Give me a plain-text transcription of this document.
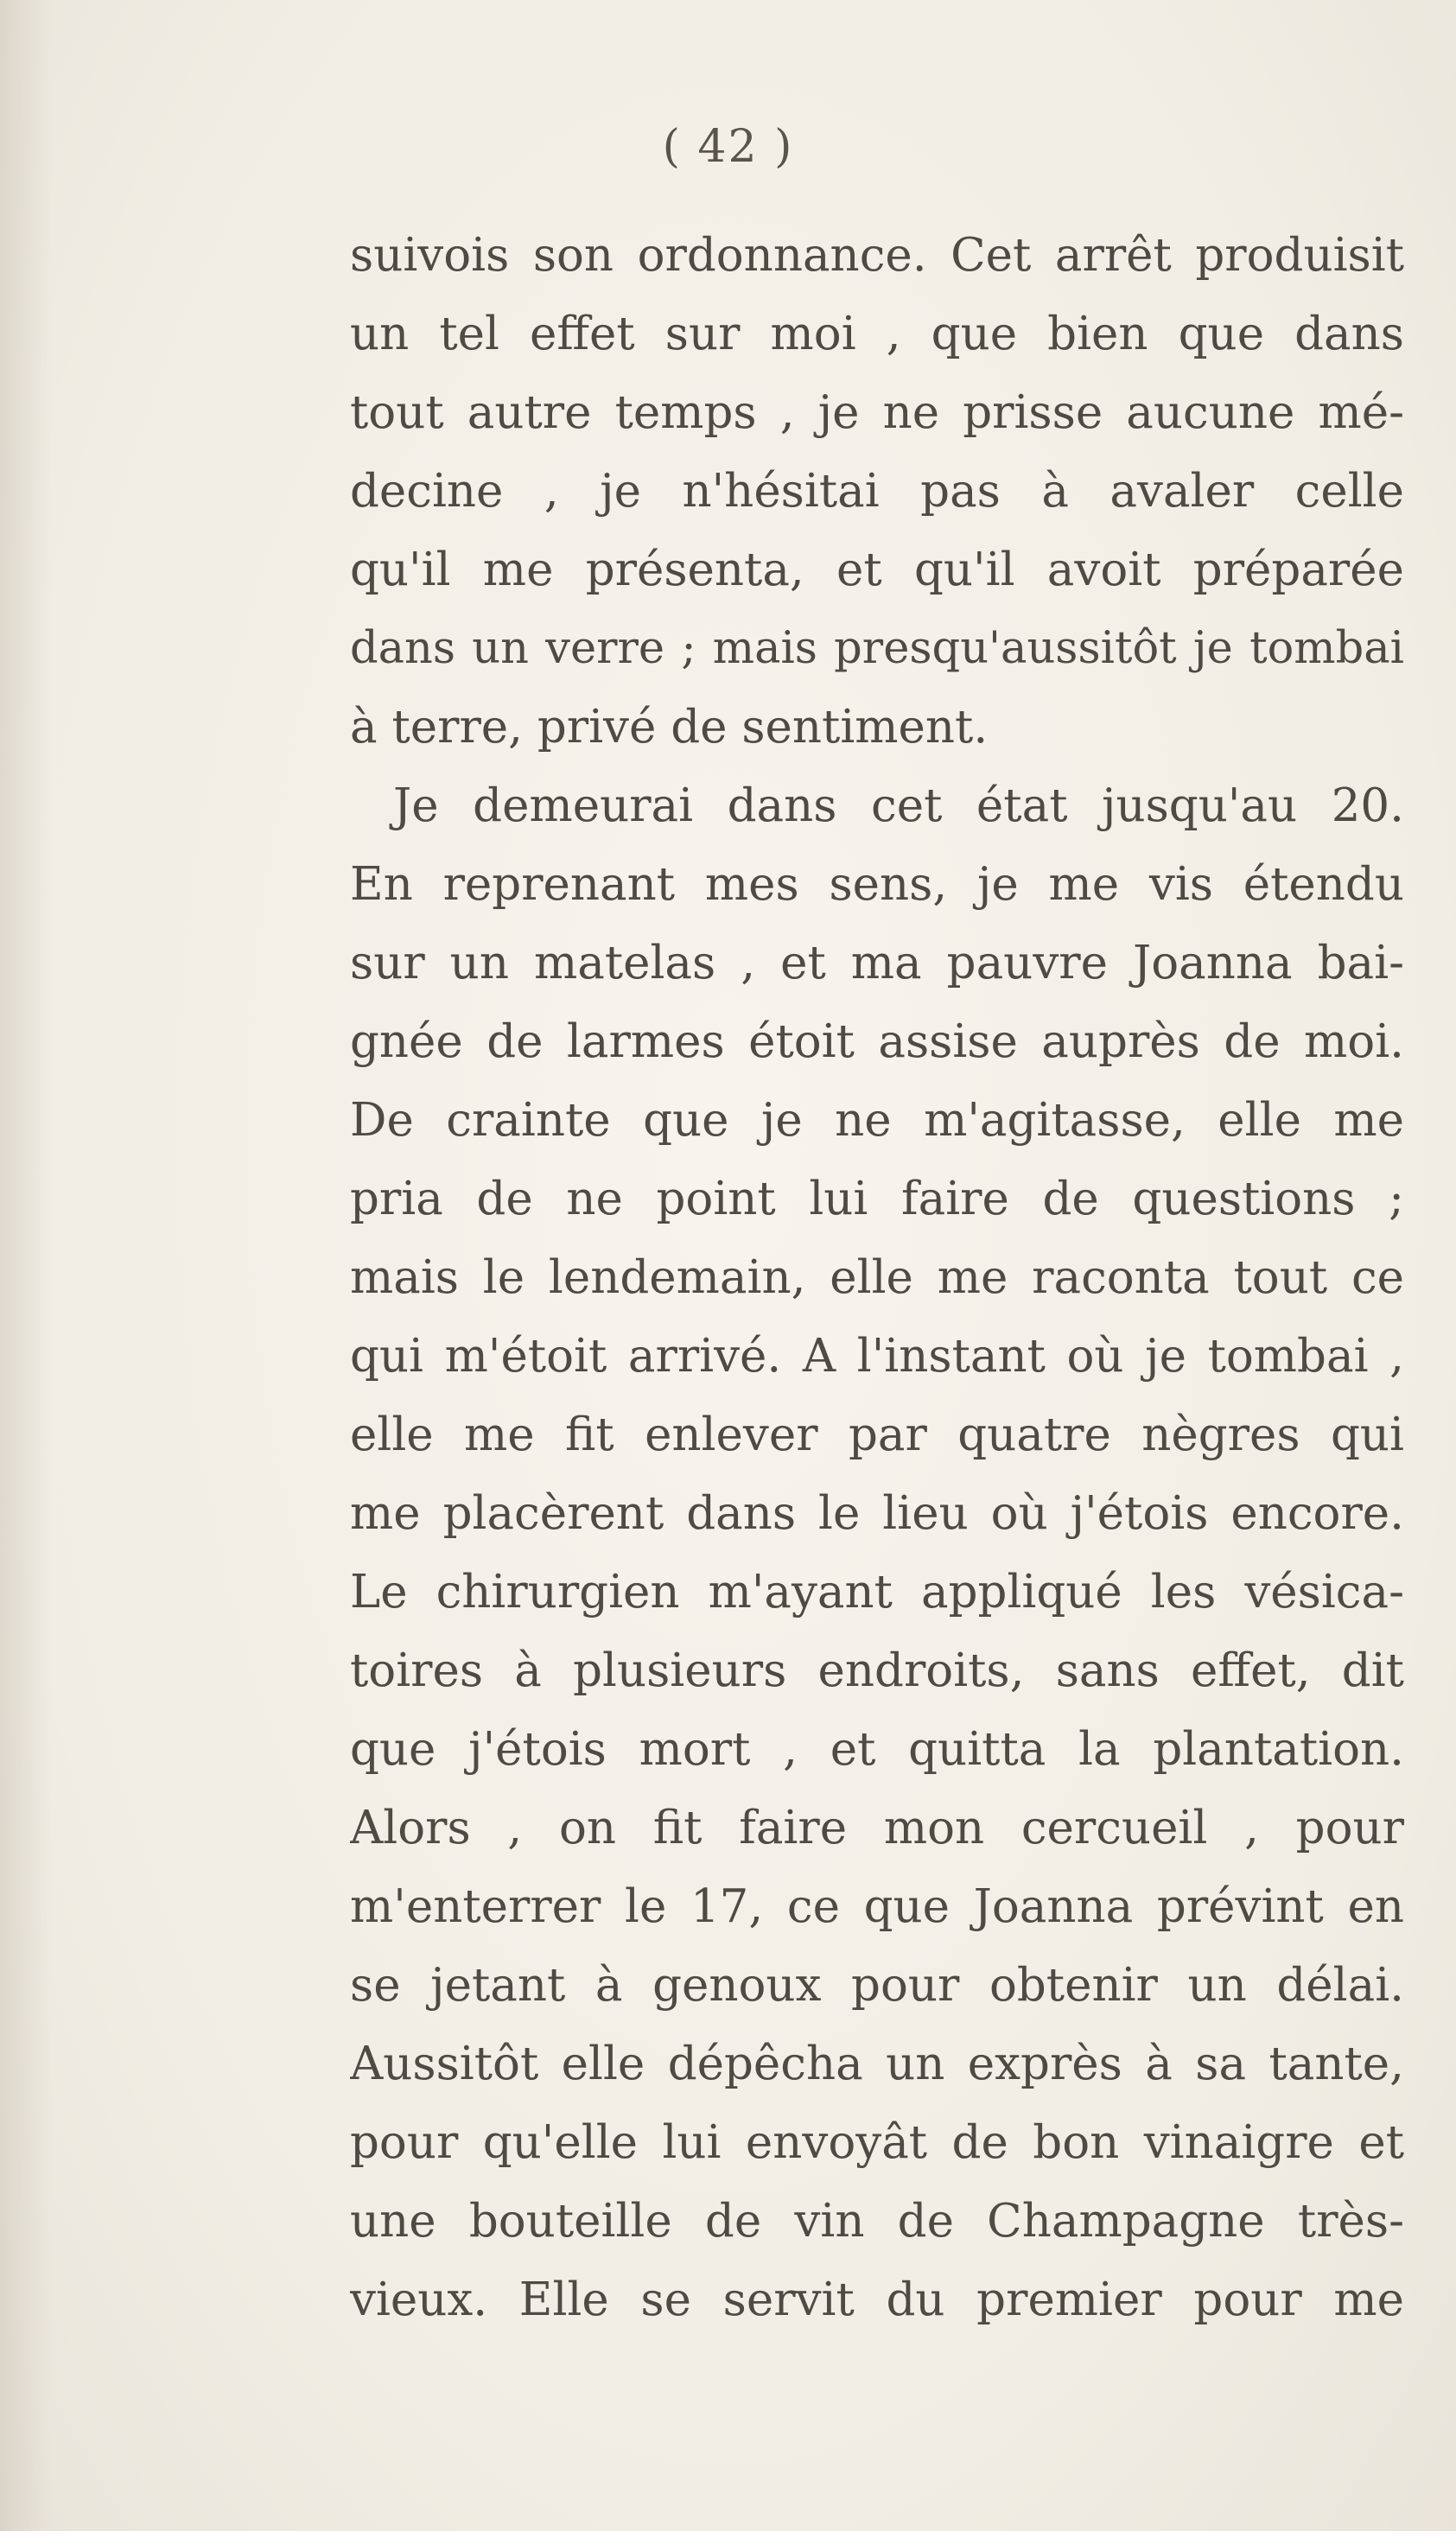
( 42 )
suivois son ordonnance. Cet arrêt produisit
un tel effet sur moi , que bien que dans
tout autre temps , je ne prisse aucune mé-
decine , je n'hésitai pas à avaler celle
qu'il me présenta, et qu'il avoit préparée
dans un verre ; mais presqu'aussitôt je tombai
à terre, privé de sentiment.
Je demeurai dans cet état jusqu'au 20.
En reprenant mes sens, je me vis étendu
sur un matelas , et ma pauvre Joanna bai-
gnée de larmes étoit assise auprès de moi.
De crainte que je ne m'agitasse, elle me
pria de ne point lui faire de questions ;
mais le lendemain, elle me raconta tout ce
qui m'étoit arrivé. A l'instant où je tombai ,
elle me fit enlever par quatre nègres qui
me placèrent dans le lieu où j'étois encore.
Le chirurgien m'ayant appliqué les vésica-
toires à plusieurs endroits, sans effet, dit
que j'étois mort , et quitta la plantation.
Alors , on fit faire mon cercueil , pour
m'enterrer le 17, ce que Joanna prévint en
se jetant à genoux pour obtenir un délai.
Aussitôt elle dépêcha un exprès à sa tante,
pour qu'elle lui envoyât de bon vinaigre et
une bouteille de vin de Champagne très-
vieux. Elle se servit du premier pour me
